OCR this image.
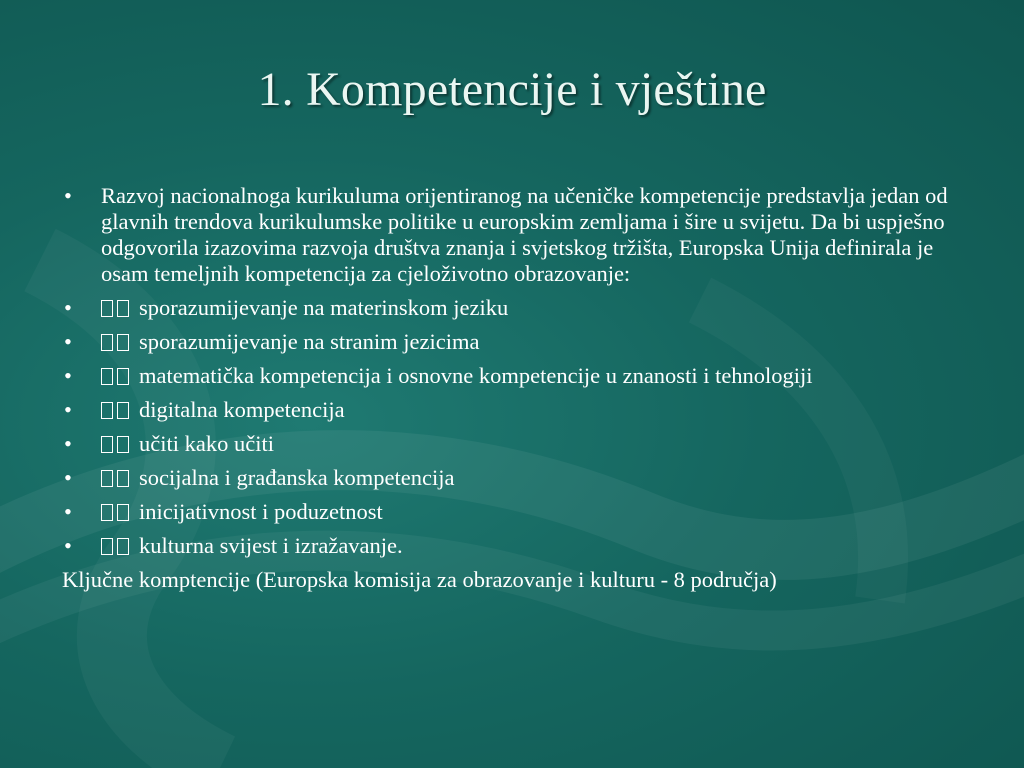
1. Kompetencije i vještine
• Razvoj nacionalnoga kurikuluma orijentiranog na učeničke kompetencije predstavlja jedan od glavnih trendova kurikulumske politike u europskim zemljama i šire u svijetu. Da bi uspješno odgovorila izazovima razvoja društva znanja i svjetskog tržišta, Europska Unija definirala je osam temeljnih kompetencija za cjeloživotno obrazovanje:
•	sporazumijevanje na materinskom jeziku
•	sporazumijevanje na stranim jezicima
•	matematička kompetencija i osnovne kompetencije u znanosti i tehnologiji
•	digitalna kompetencija
•	učiti kako učiti
•	socijalna i građanska kompetencija
•	inicijativnost i poduzetnost
•	kulturna svijest i izražavanje.
Ključne komptencije (Europska komisija za obrazovanje i kulturu - 8 područja)
